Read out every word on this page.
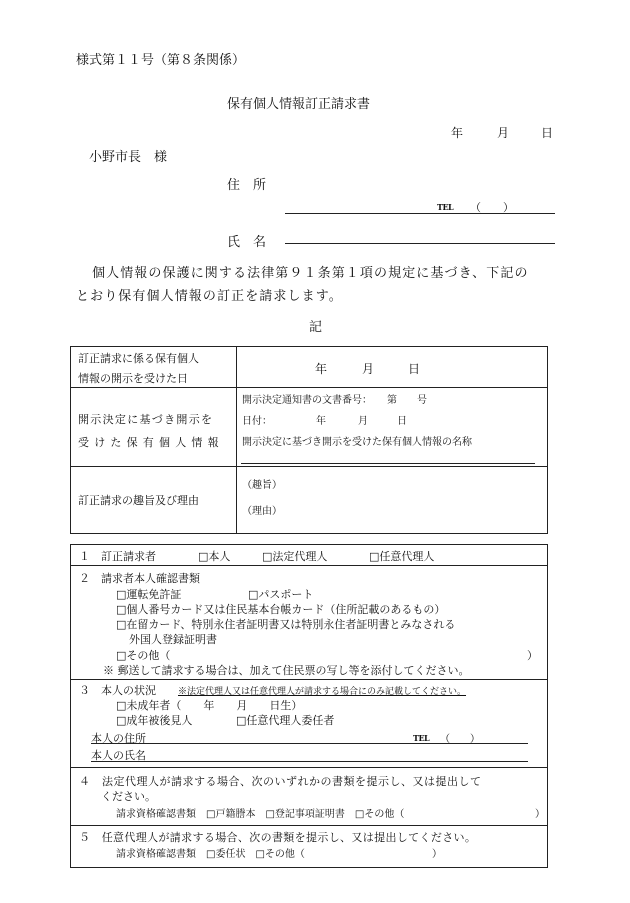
様式第１１号（第８条関係）
保有個人情報訂正請求書
年	月	日
小野市長　様
住　所
TEL （　　）
氏　名
個人情報の保護に関する法律第９１条第１項の規定に基づき、下記の
とおり保有個人情報の訂正を請求します。
記
訂正請求に係る保有個人
情報の開示を受けた日
年	月	日
開示決定に基づき開示を
受けた保有個人情報
開示決定通知書の文書番号：　　第　　号
日付：	年	月	日
開示決定に基づき開示を受けた保有個人情報の名称
訂正請求の趣旨及び理由
（趣旨）
（理由）
１　訂正請求者	□本人	□法定代理人	□任意代理人
２　請求者本人確認書類
□運転免許証	□パスポート
□個人番号カード又は住民基本台帳カード（住所記載のあるもの）
□在留カード、特別永住者証明書又は特別永住者証明書とみなされる
外国人登録証明書
□その他（	）
※ 郵送して請求する場合は、加えて住民票の写し等を添付してください。
３　本人の状況 ※法定代理人又は任意代理人が請求する場合にのみ記載してください。
□未成年者（　　年　　月　　日生）
□成年被後見人	□任意代理人委任者
本人の住所	TEL （　　）
本人の氏名
４　法定代理人が請求する場合、次のいずれかの書類を提示し、又は提出して
ください。
請求資格確認書類　□戸籍謄本　□登記事項証明書　□その他（	）
５　任意代理人が請求する場合、次の書類を提示し、又は提出してください。
請求資格確認書類　□委任状　□その他（	）
